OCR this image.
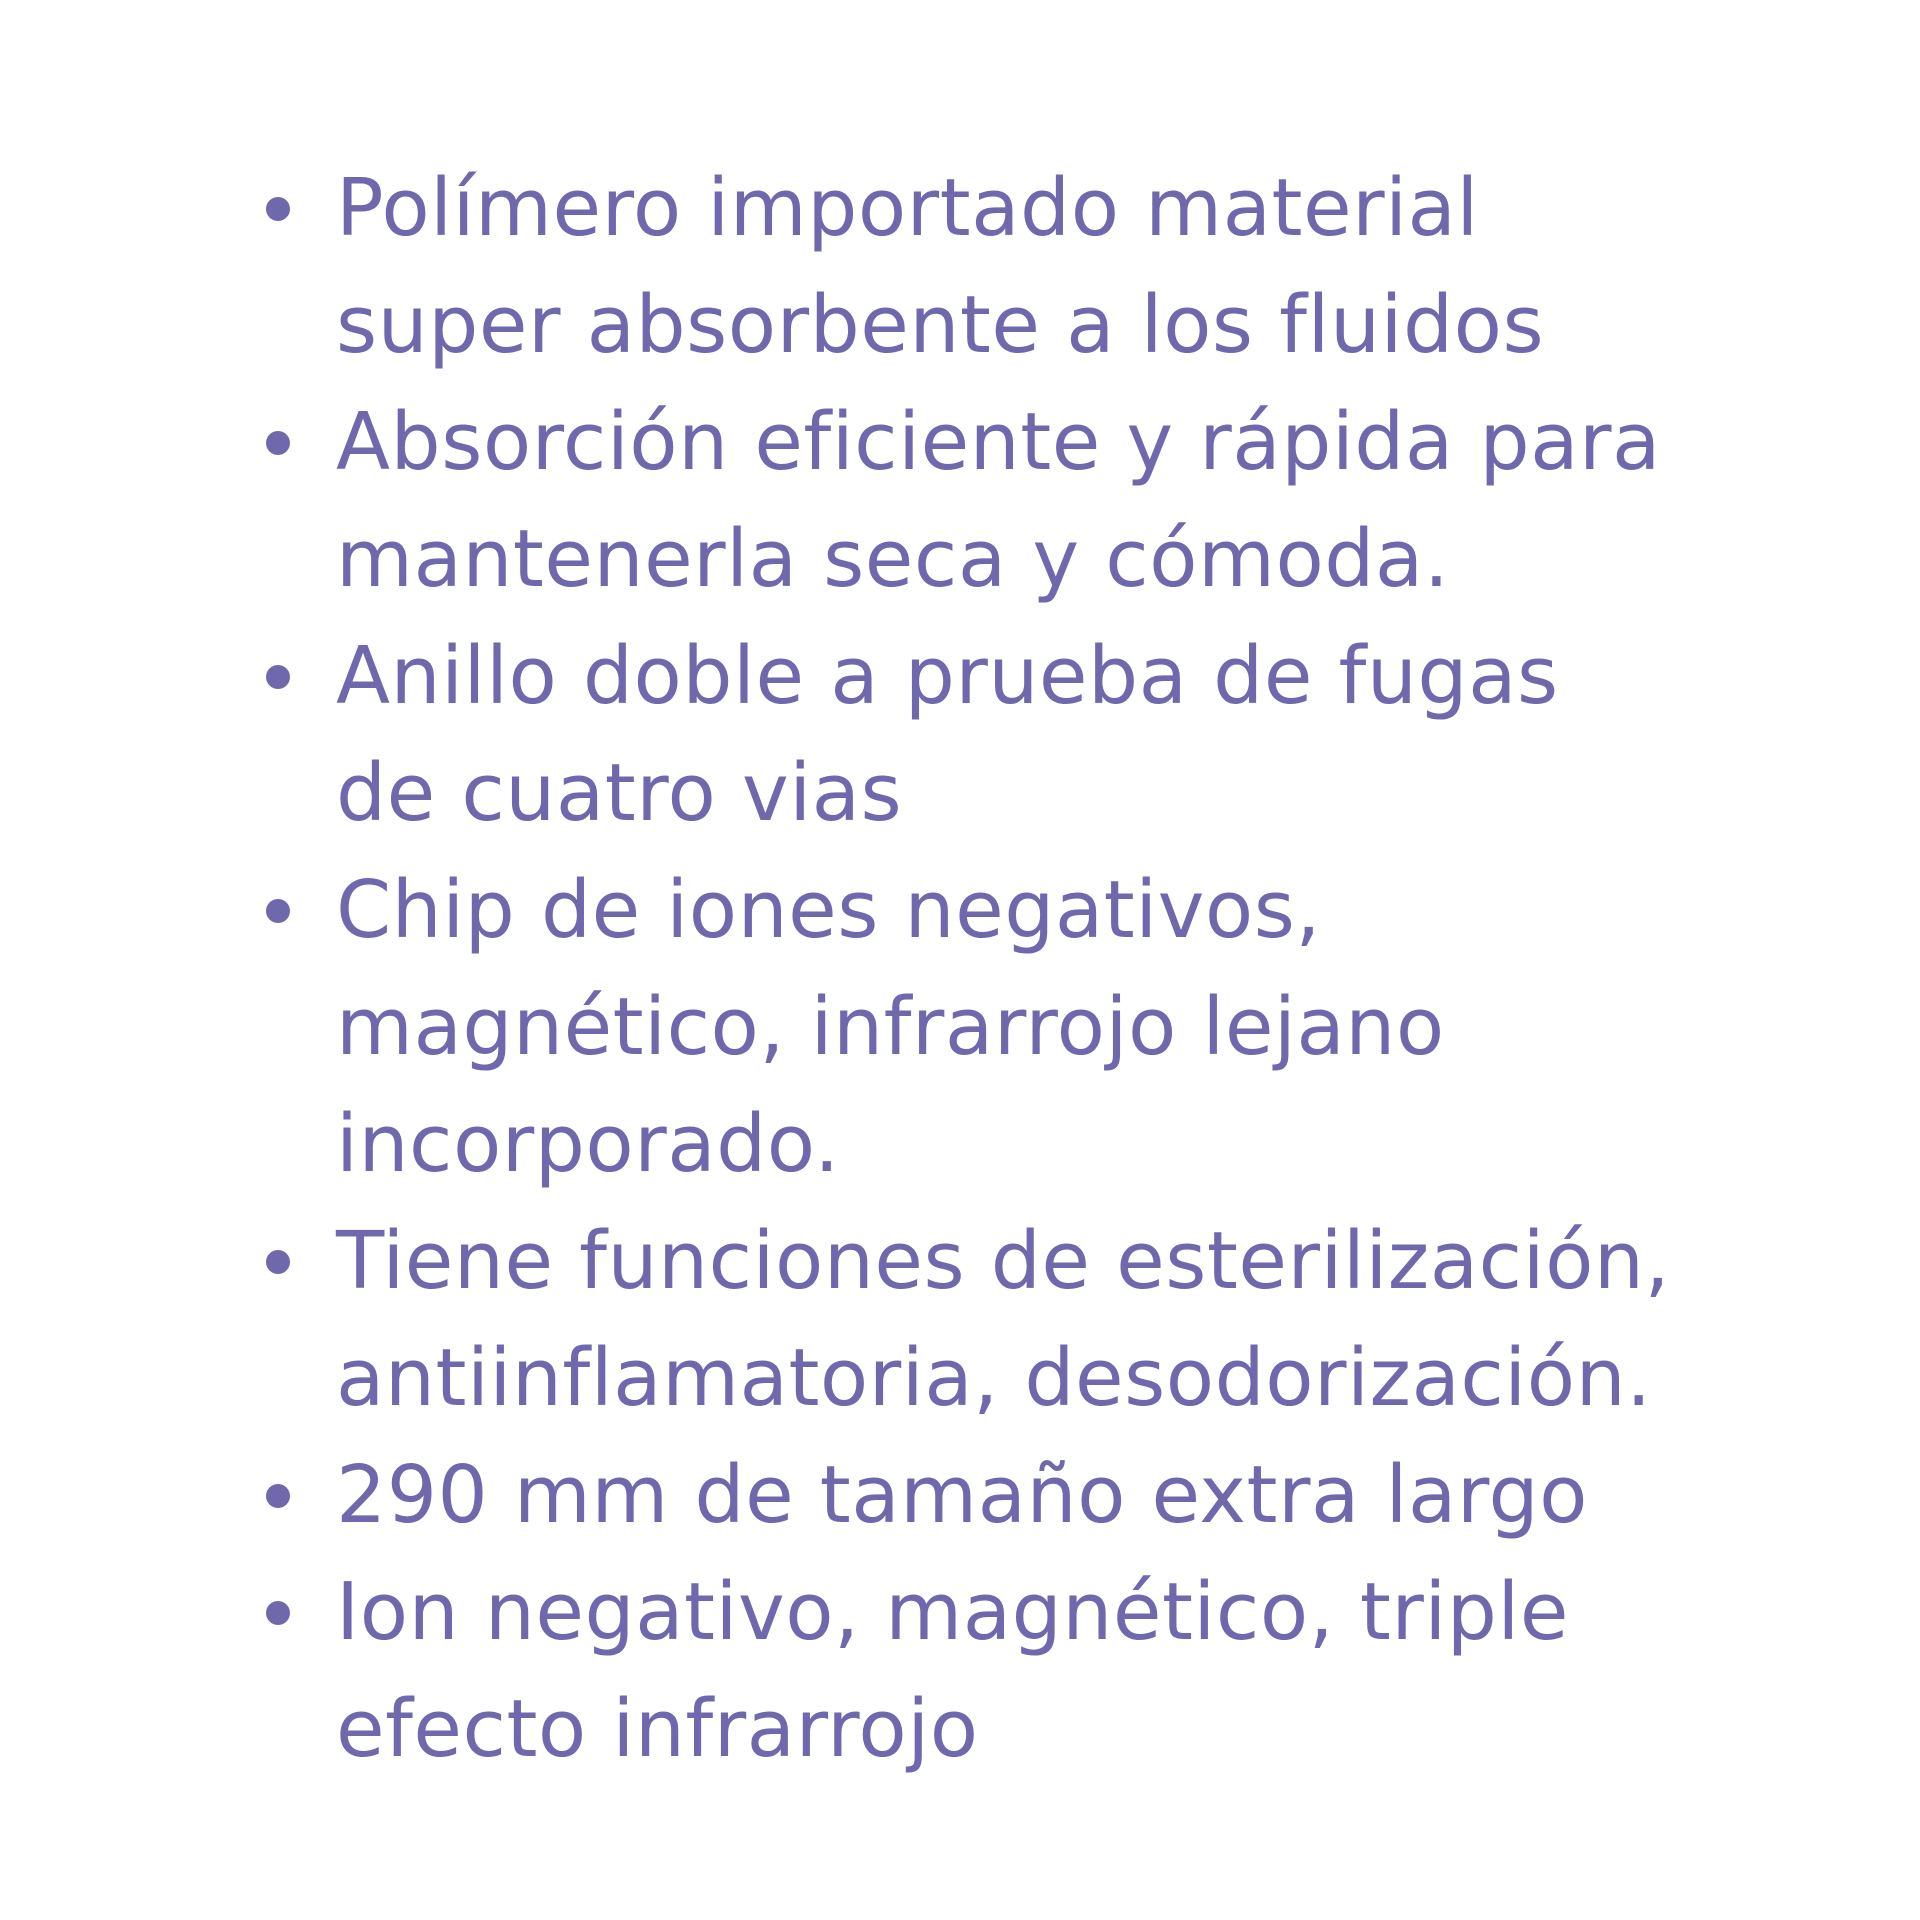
Polímero importado material
super absorbente a los fluidos
Absorción eficiente y rápida para
mantenerla seca y cómoda.
Anillo doble a prueba de fugas
de cuatro vias
Chip de iones negativos,
magnético, infrarrojo lejano
incorporado.
Tiene funciones de esterilización,
antiinflamatoria, desodorización.
290 mm de tamaño extra largo
Ion negativo, magnético, triple
efecto infrarrojo
